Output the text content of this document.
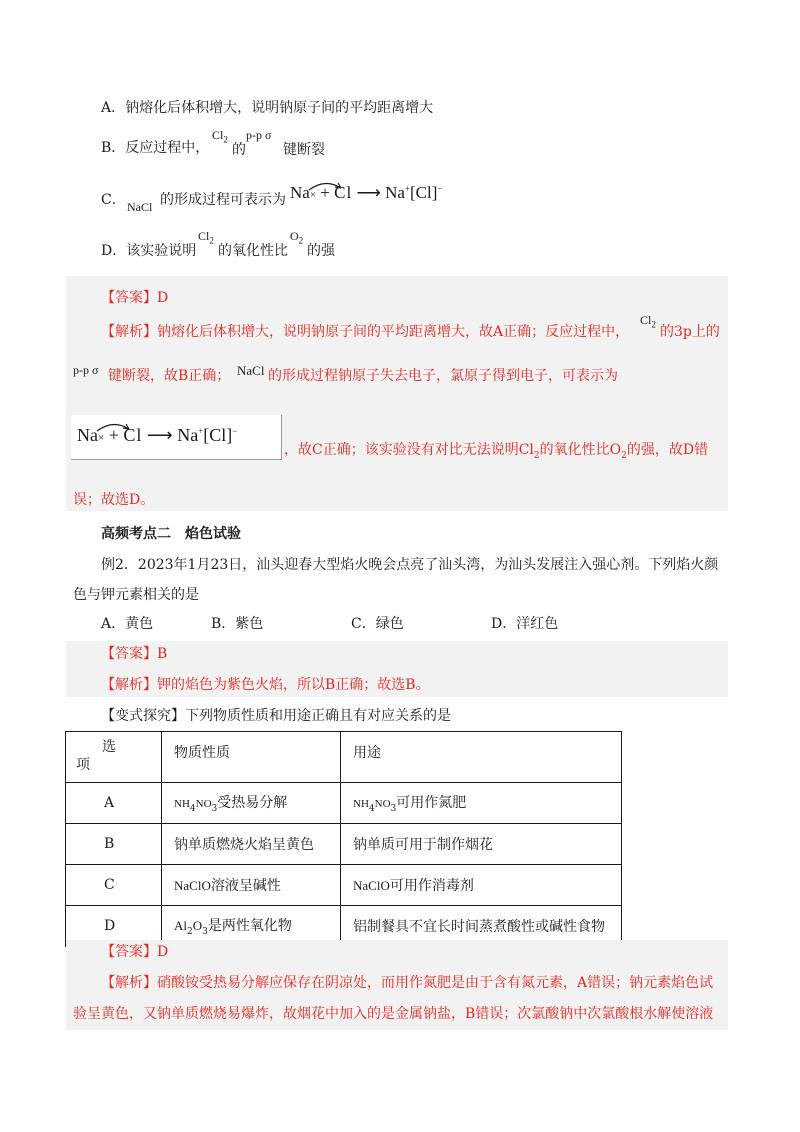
A．钠熔化后体积增大，说明钠原子间的平均距离增大
B．反应过程中，
$Cl_2$
的
p-p σ
键断裂
C． NaCl 的形成过程可表示为 Na× + Cl ⟶ Na+[Cl]−
D．该实验说明
$Cl_2$
的氧化性比
$O_2$
的强
【答案】D
【解析】钠熔化后体积增大，说明钠原子间的平均距离增大，故A正确；反应过程中，
$Cl_2$ 的3p上的
p-p σ 键断裂，故B正确； NaCl 的形成过程钠原子失去电子，氯原子得到电子，可表示为
Na× + Cl ⟶ Na+[Cl]−
，故C正确；该实验没有对比无法说明$Cl_2$的氧化性比$O_2$的强，故D错
误；故选D。
高频考点二　焰色试验
例2．2023年1月23日，汕头迎春大型焰火晚会点亮了汕头湾，为汕头发展注入强心剂。下列焰火颜
色与钾元素相关的是
A．黄色	B．紫色	C．绿色	D．洋红色
【答案】B
【解析】钾的焰色为紫色火焰，所以B正确；故选B。
【变式探究】下列物质性质和用途正确且有对应关系的是
选
项	物质性质	用途
A	$NH_4NO_3$受热易分解	$NH_4NO_3$可用作氮肥
B	钠单质燃烧火焰呈黄色	钠单质可用于制作烟花
C	NaClO溶液呈碱性	NaClO可用作消毒剂
D	$Al_2O_3$是两性氧化物	铝制餐具不宜长时间蒸煮酸性或碱性食物
【答案】D
【解析】硝酸铵受热易分解应保存在阴凉处，而用作氮肥是由于含有氮元素，A错误；钠元素焰色试
验呈黄色，又钠单质燃烧易爆炸，故烟花中加入的是金属钠盐，B错误；次氯酸钠中次氯酸根水解使溶液
